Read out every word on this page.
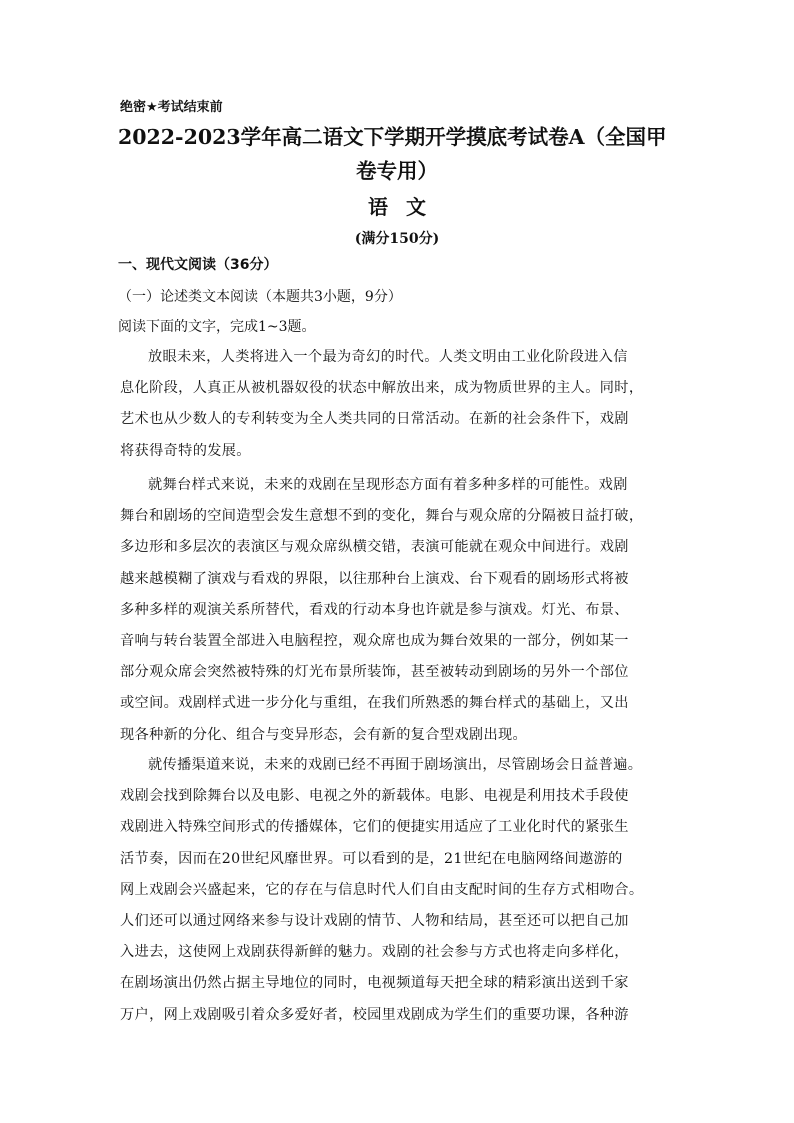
绝密★考试结束前
2022-2023学年高二语文下学期开学摸底考试卷A（全国甲
卷专用）
语文
(满分150分)
一、现代文阅读（36分）
（一）论述类文本阅读（本题共3小题，9分）
阅读下面的文字，完成1~3题。
放眼未来，人类将进入一个最为奇幻的时代。人类文明由工业化阶段进入信
息化阶段，人真正从被机器奴役的状态中解放出来，成为物质世界的主人。同时，
艺术也从少数人的专利转变为全人类共同的日常活动。在新的社会条件下，戏剧
将获得奇特的发展。
就舞台样式来说，未来的戏剧在呈现形态方面有着多种多样的可能性。戏剧
舞台和剧场的空间造型会发生意想不到的变化，舞台与观众席的分隔被日益打破，
多边形和多层次的表演区与观众席纵横交错，表演可能就在观众中间进行。戏剧
越来越模糊了演戏与看戏的界限，以往那种台上演戏、台下观看的剧场形式将被
多种多样的观演关系所替代，看戏的行动本身也许就是参与演戏。灯光、布景、
音响与转台装置全部进入电脑程控，观众席也成为舞台效果的一部分，例如某一
部分观众席会突然被特殊的灯光布景所装饰，甚至被转动到剧场的另外一个部位
或空间。戏剧样式进一步分化与重组，在我们所熟悉的舞台样式的基础上，又出
现各种新的分化、组合与变异形态，会有新的复合型戏剧出现。
就传播渠道来说，未来的戏剧已经不再囿于剧场演出，尽管剧场会日益普遍。
戏剧会找到除舞台以及电影、电视之外的新载体。电影、电视是利用技术手段使
戏剧进入特殊空间形式的传播媒体，它们的便捷实用适应了工业化时代的紧张生
活节奏，因而在20世纪风靡世界。可以看到的是，21世纪在电脑网络间遨游的
网上戏剧会兴盛起来，它的存在与信息时代人们自由支配时间的生存方式相吻合。
人们还可以通过网络来参与设计戏剧的情节、人物和结局，甚至还可以把自己加
入进去，这使网上戏剧获得新鲜的魅力。戏剧的社会参与方式也将走向多样化，
在剧场演出仍然占据主导地位的同时，电视频道每天把全球的精彩演出送到千家
万户，网上戏剧吸引着众多爱好者，校园里戏剧成为学生们的重要功课，各种游
